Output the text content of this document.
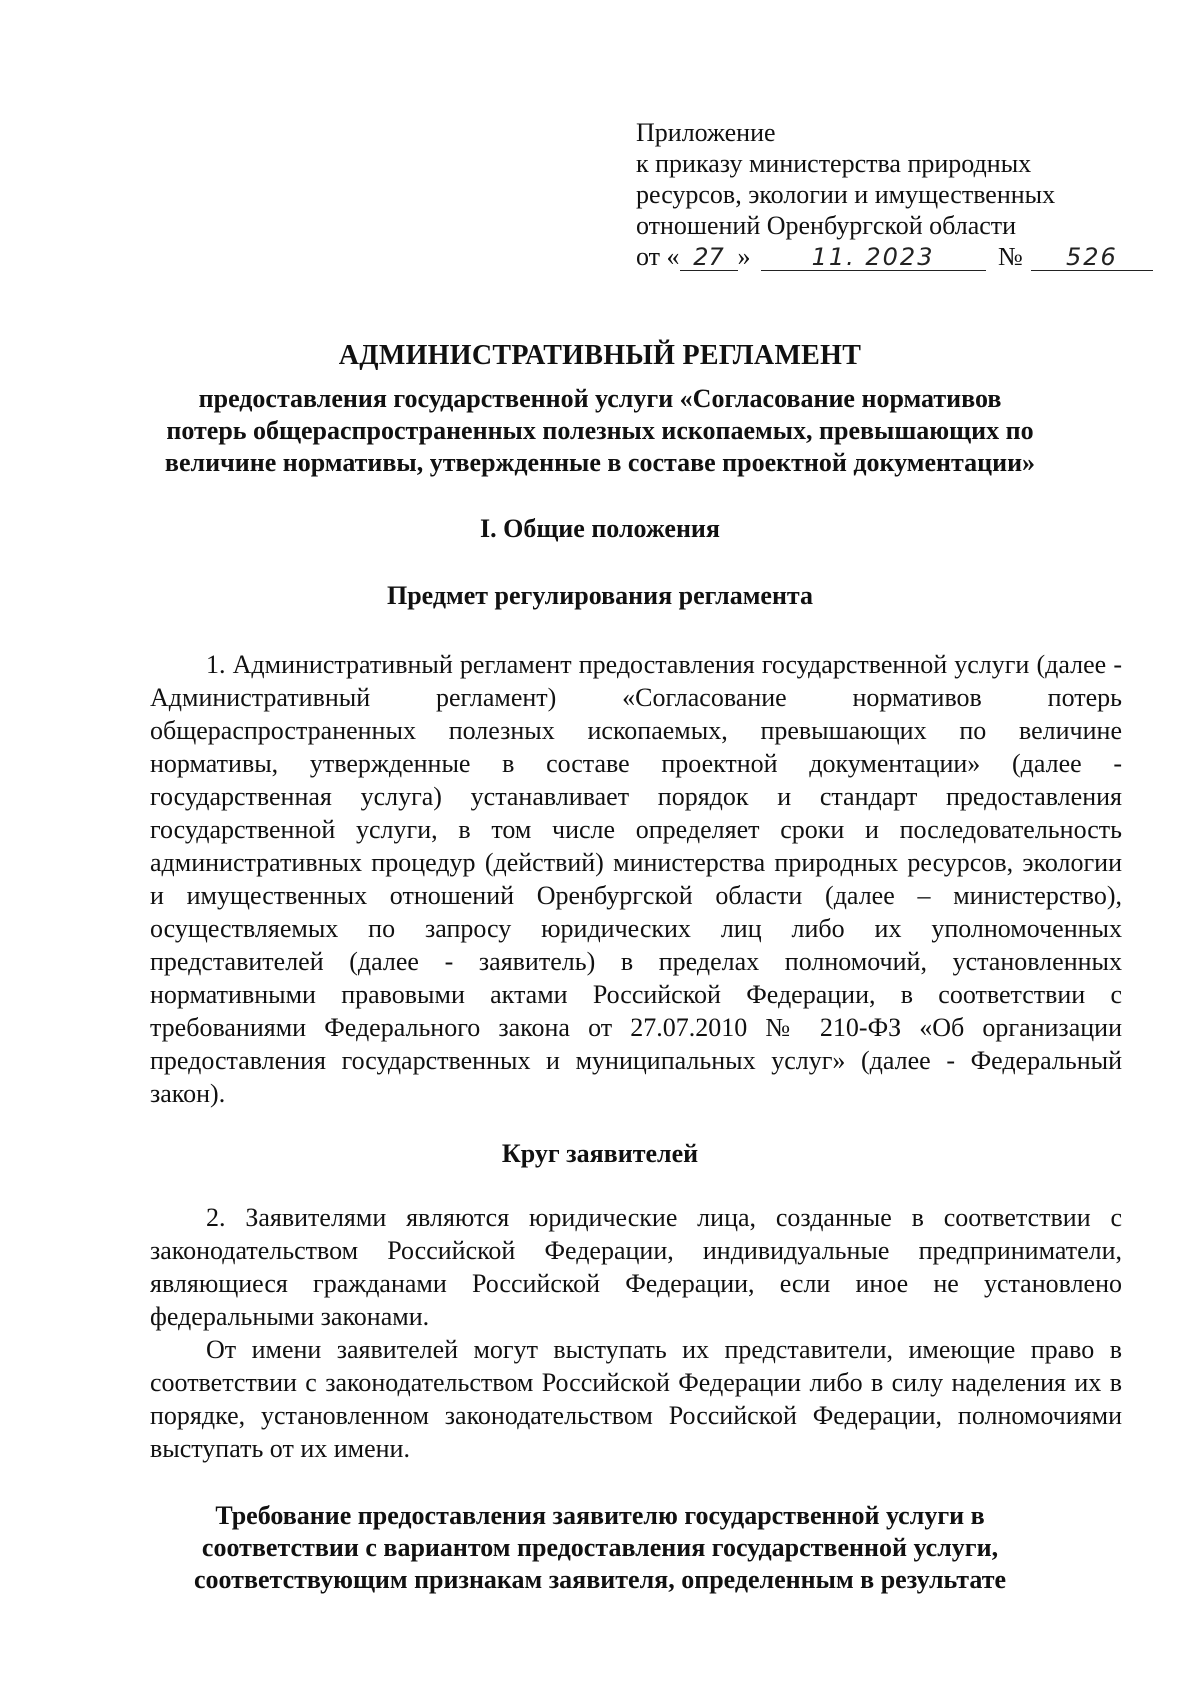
Приложение
к приказу министерства природных
ресурсов, экологии и имущественных
отношений Оренбургской области
от « 27 »	11. 2023 № 526
АДМИНИСТРАТИВНЫЙ РЕГЛАМЕНТ
предоставления государственной услуги «Согласование нормативов
потерь общераспространенных полезных ископаемых, превышающих по
величине нормативы, утвержденные в составе проектной документации»
I. Общие положения
Предмет регулирования регламента
1. Административный регламент предоставления государственной услуги (далее - Административный регламент) «Согласование нормативов потерь общераспространенных полезных ископаемых, превышающих по величине нормативы, утвержденные в составе проектной документации» (далее - государственная услуга) устанавливает порядок и стандарт предоставления государственной услуги, в том числе определяет сроки и последовательность административных процедур (действий) министерства природных ресурсов, экологии и имущественных отношений Оренбургской области (далее – министерство), осуществляемых по запросу юридических лиц либо их уполномоченных представителей (далее - заявитель) в пределах полномочий, установленных нормативными правовыми актами Российской Федерации, в соответствии с требованиями Федерального закона от 27.07.2010 № 210-ФЗ «Об организации предоставления государственных и муниципальных услуг» (далее - Федеральный закон).
Круг заявителей
2. Заявителями являются юридические лица, созданные в соответствии с законодательством Российской Федерации, индивидуальные предприниматели, являющиеся гражданами Российской Федерации, если иное не установлено федеральными законами.
От имени заявителей могут выступать их представители, имеющие право в соответствии с законодательством Российской Федерации либо в силу наделения их в порядке, установленном законодательством Российской Федерации, полномочиями выступать от их имени.
Требование предоставления заявителю государственной услуги в
соответствии с вариантом предоставления государственной услуги,
соответствующим признакам заявителя, определенным в результате
